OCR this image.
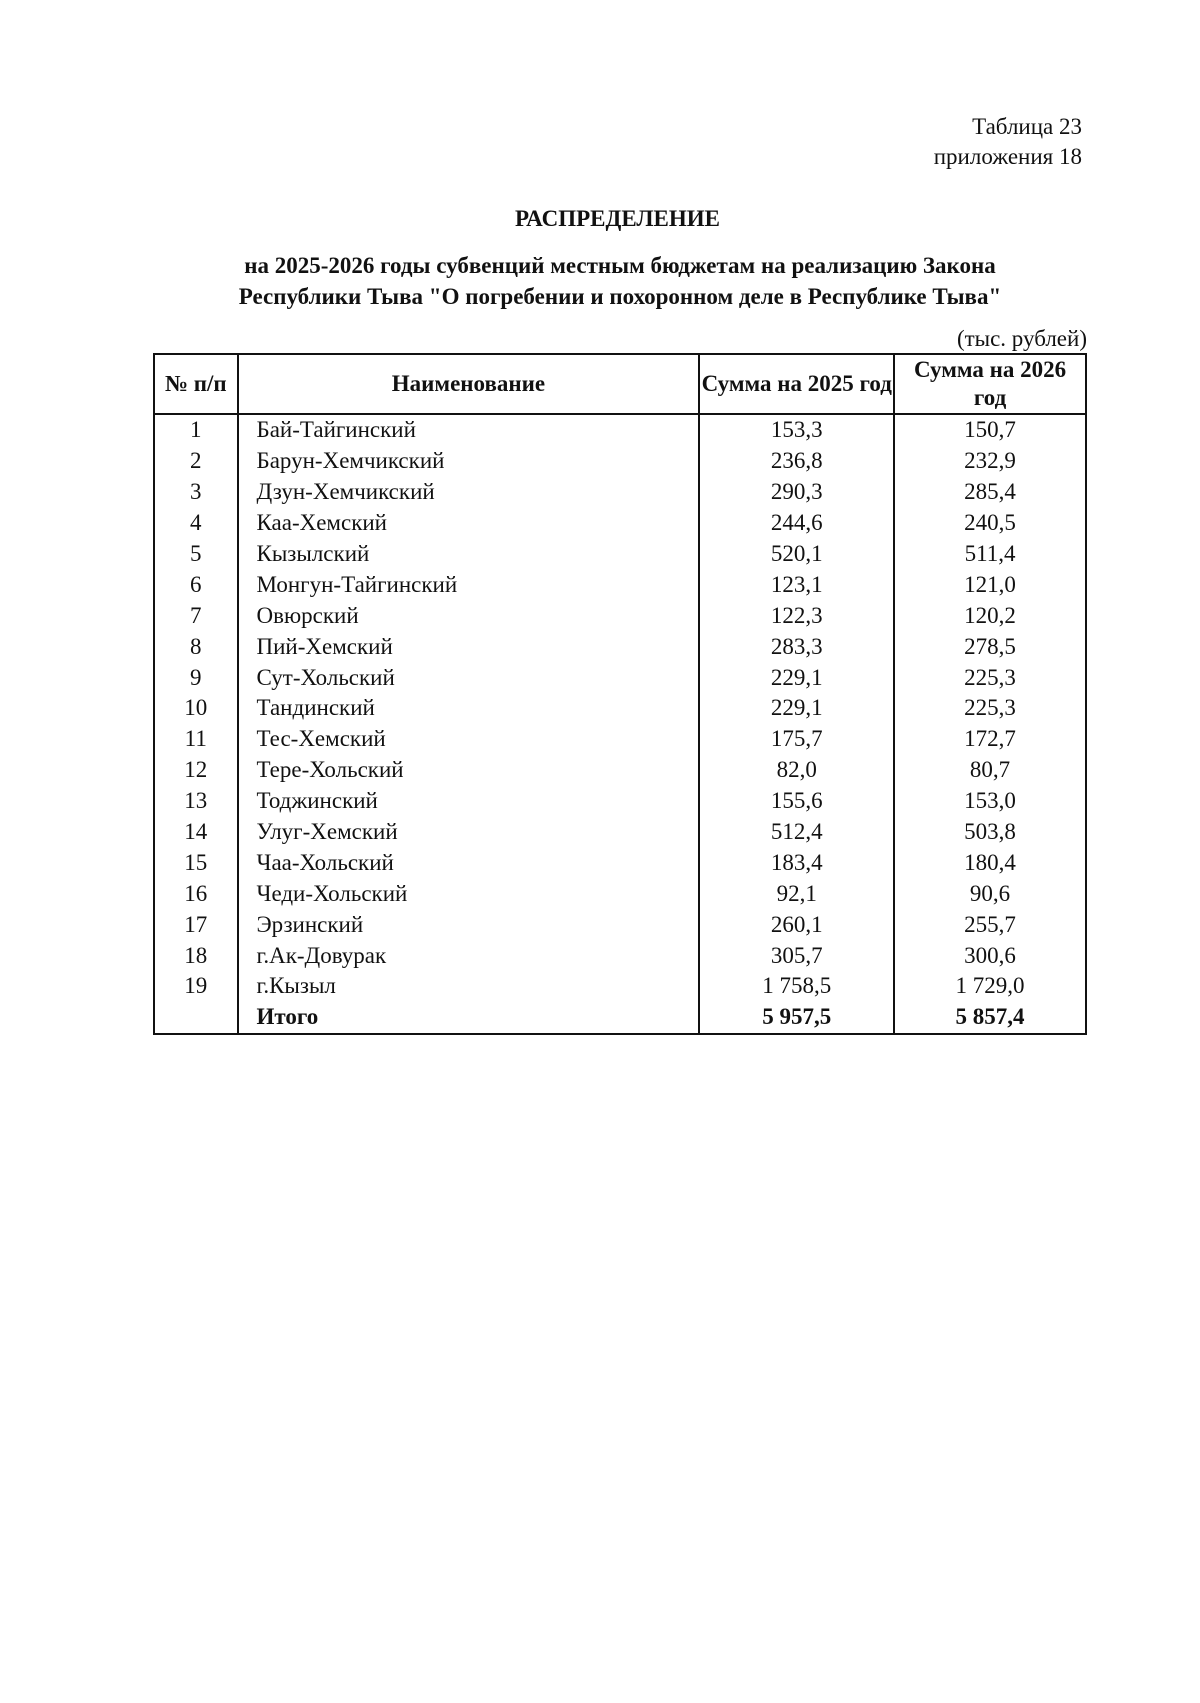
Таблица 23
приложения 18
РАСПРЕДЕЛЕНИЕ
на 2025-2026 годы субвенций местным бюджетам на реализацию Закона
Республики Тыва "О погребении и похоронном деле в Республике Тыва"
(тыс. рублей)
№ п/п	Наименование	Сумма на 2025 год	Сумма на 2026 год
1	Бай-Тайгинский	153,3	150,7
2	Барун-Хемчикский	236,8	232,9
3	Дзун-Хемчикский	290,3	285,4
4	Каа-Хемский	244,6	240,5
5	Кызылский	520,1	511,4
6	Монгун-Тайгинский	123,1	121,0
7	Овюрский	122,3	120,2
8	Пий-Хемский	283,3	278,5
9	Сут-Хольский	229,1	225,3
10	Тандинский	229,1	225,3
11	Тес-Хемский	175,7	172,7
12	Тере-Хольский	82,0	80,7
13	Тоджинский	155,6	153,0
14	Улуг-Хемский	512,4	503,8
15	Чаа-Хольский	183,4	180,4
16	Чеди-Хольский	92,1	90,6
17	Эрзинский	260,1	255,7
18	г.Ак-Довурак	305,7	300,6
19	г.Кызыл	1 758,5	1 729,0
	Итого	5 957,5	5 857,4
